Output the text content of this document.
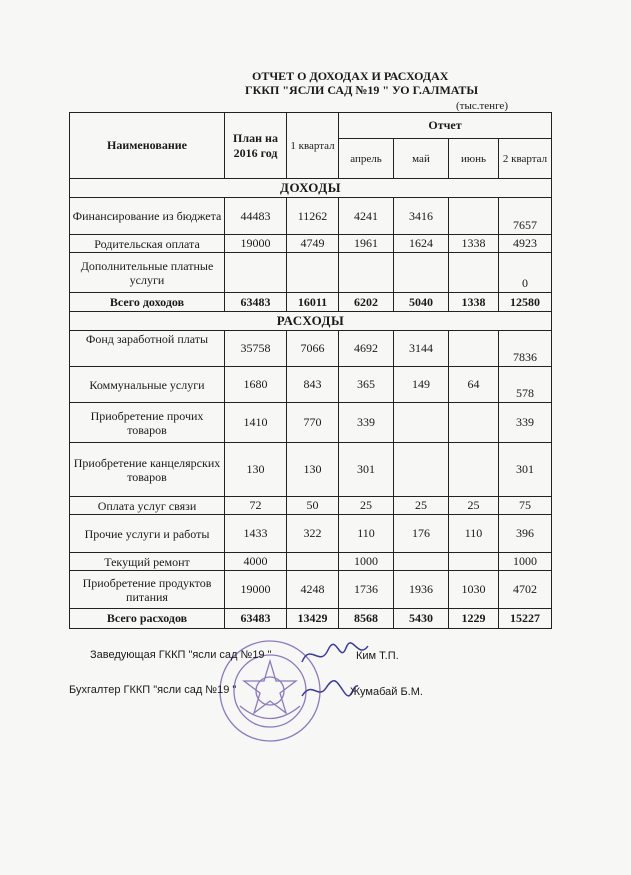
ОТЧЕТ О ДОХОДАХ И РАСХОДАХ
ГККП "ЯСЛИ САД №19 " УО Г.АЛМАТЫ
(тыс.тенге)
Наименование	План на 2016 год	1 квартал	Отчет			
			апрель	май	июнь	2 квартал
ДОХОДЫ						
Финансирование из бюджета	44483	11262	4241	3416		7657
Родительская оплата	19000	4749	1961	1624	1338	4923
Дополнительные платные услуги						0
Всего доходов	63483	16011	6202	5040	1338	12580
РАСХОДЫ						
Фонд заработной платы	35758	7066	4692	3144		7836
Коммунальные услуги	1680	843	365	149	64	578
Приобретение прочих товаров	1410	770	339			339
Приобретение канцелярских товаров	130	130	301			301
Оплата услуг связи	72	50	25	25	25	75
Прочие услуги и работы	1433	322	110	176	110	396
Текущий ремонт	4000		1000			1000
Приобретение продуктов питания	19000	4248	1736	1936	1030	4702
Всего расходов	63483	13429	8568	5430	1229	15227
Заведующая ГККП "ясли сад №19 "	Ким Т.П.
Бухгалтер ГККП "ясли сад №19 "	Жумабай Б.М.
